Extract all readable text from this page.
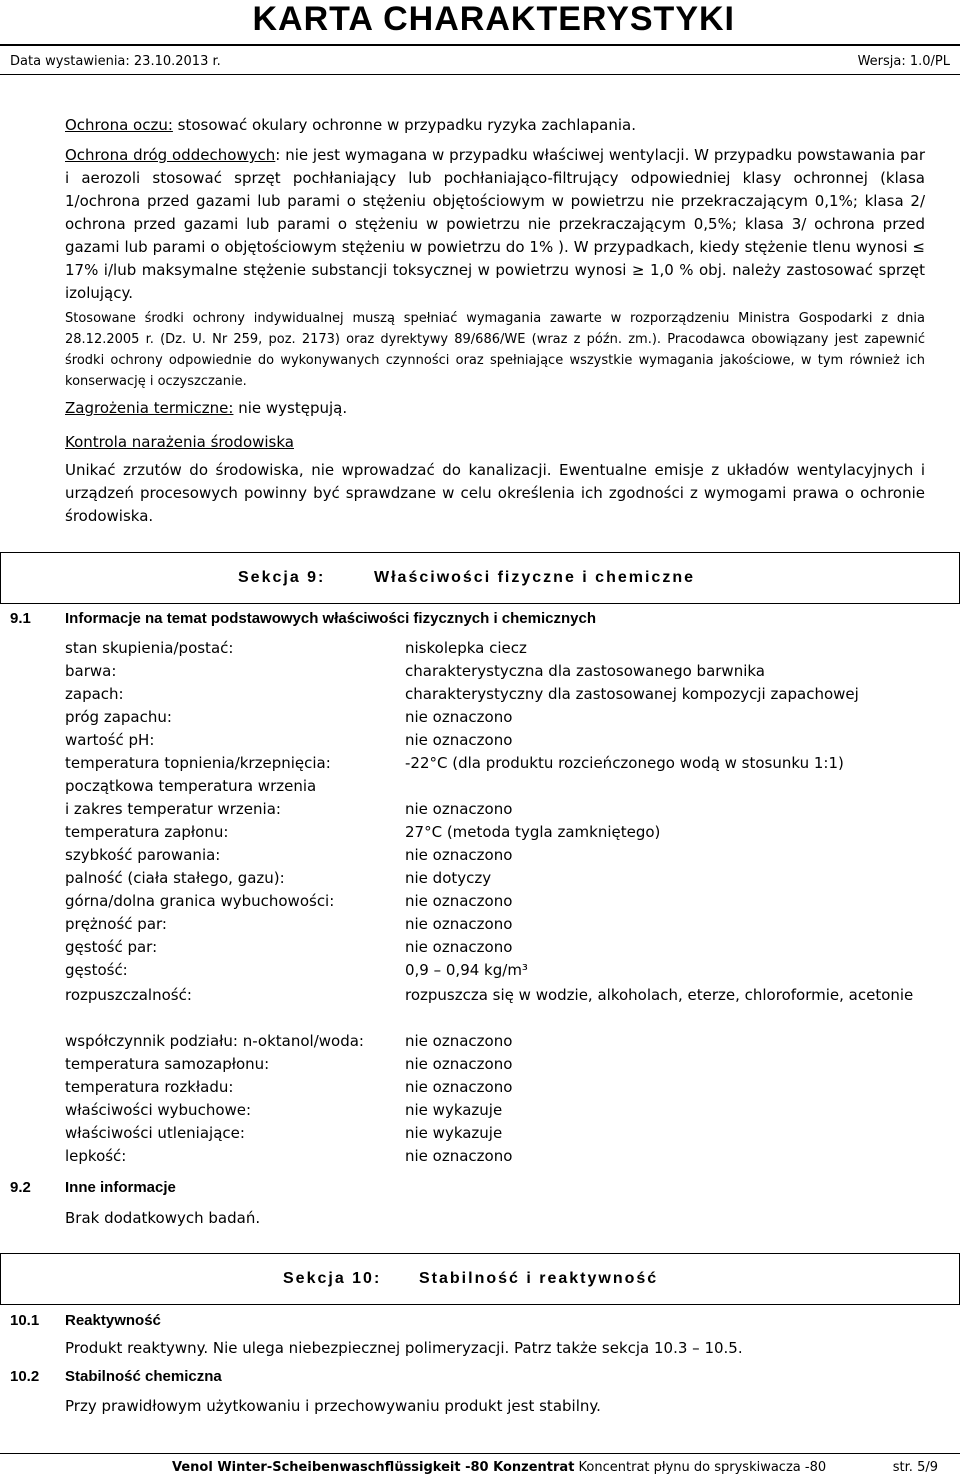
KARTA CHARAKTERYSTYKI
Data wystawienia: 23.10.2013 r.	Wersja: 1.0/PL
Ochrona oczu: stosować okulary ochronne w przypadku ryzyka zachlapania.
Ochrona dróg oddechowych: nie jest wymagana w przypadku właściwej wentylacji. W przypadku powstawania par i aerozoli stosować sprzęt pochłaniający lub pochłaniająco-filtrujący odpowiedniej klasy ochronnej (klasa 1/ochrona przed gazami lub parami o stężeniu objętościowym w powietrzu nie przekraczającym 0,1%; klasa 2/ ochrona przed gazami lub parami o stężeniu w powietrzu nie przekraczającym 0,5%; klasa 3/ ochrona przed gazami lub parami o objętościowym stężeniu w powietrzu do 1% ). W przypadkach, kiedy stężenie tlenu wynosi ≤ 17% i/lub maksymalne stężenie substancji toksycznej w powietrzu wynosi ≥ 1,0 % obj. należy zastosować sprzęt izolujący.
Stosowane środki ochrony indywidualnej muszą spełniać wymagania zawarte w rozporządzeniu Ministra Gospodarki z dnia 28.12.2005 r. (Dz. U. Nr 259, poz. 2173) oraz dyrektywy 89/686/WE (wraz z późn. zm.). Pracodawca obowiązany jest zapewnić środki ochrony odpowiednie do wykonywanych czynności oraz spełniające wszystkie wymagania jakościowe, w tym również ich konserwację i oczyszczanie.
Zagrożenia termiczne: nie występują.
Kontrola narażenia środowiska
Unikać zrzutów do środowiska, nie wprowadzać do kanalizacji. Ewentualne emisje z układów wentylacyjnych i urządzeń procesowych powinny być sprawdzane w celu określenia ich zgodności z wymogami prawa o ochronie środowiska.
Sekcja 9:	Właściwości fizyczne i chemiczne
9.1 Informacje na temat podstawowych właściwości fizycznych i chemicznych
stan skupienia/postać:	niskolepka ciecz
barwa:	charakterystyczna dla zastosowanego barwnika
zapach:	charakterystyczny dla zastosowanej kompozycji zapachowej
próg zapachu:	nie oznaczono
wartość pH:	nie oznaczono
temperatura topnienia/krzepnięcia:	-22°C (dla produktu rozcieńczonego wodą w stosunku 1:1)
początkowa temperatura wrzenia
i zakres temperatur wrzenia:	nie oznaczono
temperatura zapłonu:	27°C (metoda tygla zamkniętego)
szybkość parowania:	nie oznaczono
palność (ciała stałego, gazu):	nie dotyczy
górna/dolna granica wybuchowości:	nie oznaczono
prężność par:	nie oznaczono
gęstość par:	nie oznaczono
gęstość:	0,9 – 0,94 kg/m³
rozpuszczalność:	rozpuszcza się w wodzie, alkoholach, eterze, chloroformie, acetonie
współczynnik podziału: n-oktanol/woda:	nie oznaczono
temperatura samozapłonu:	nie oznaczono
temperatura rozkładu:	nie oznaczono
właściwości wybuchowe:	nie wykazuje
właściwości utleniające:	nie wykazuje
lepkość:	nie oznaczono
9.2 Inne informacje
Brak dodatkowych badań.
Sekcja 10: Stabilność i reaktywność
10.1 Reaktywność
Produkt reaktywny. Nie ulega niebezpiecznej polimeryzacji. Patrz także sekcja 10.3 – 10.5.
10.2 Stabilność chemiczna
Przy prawidłowym użytkowaniu i przechowywaniu produkt jest stabilny.
Venol Winter-Scheibenwaschflüssigkeit -80 Konzentrat Koncentrat płynu do spryskiwacza -80	str. 5/9
